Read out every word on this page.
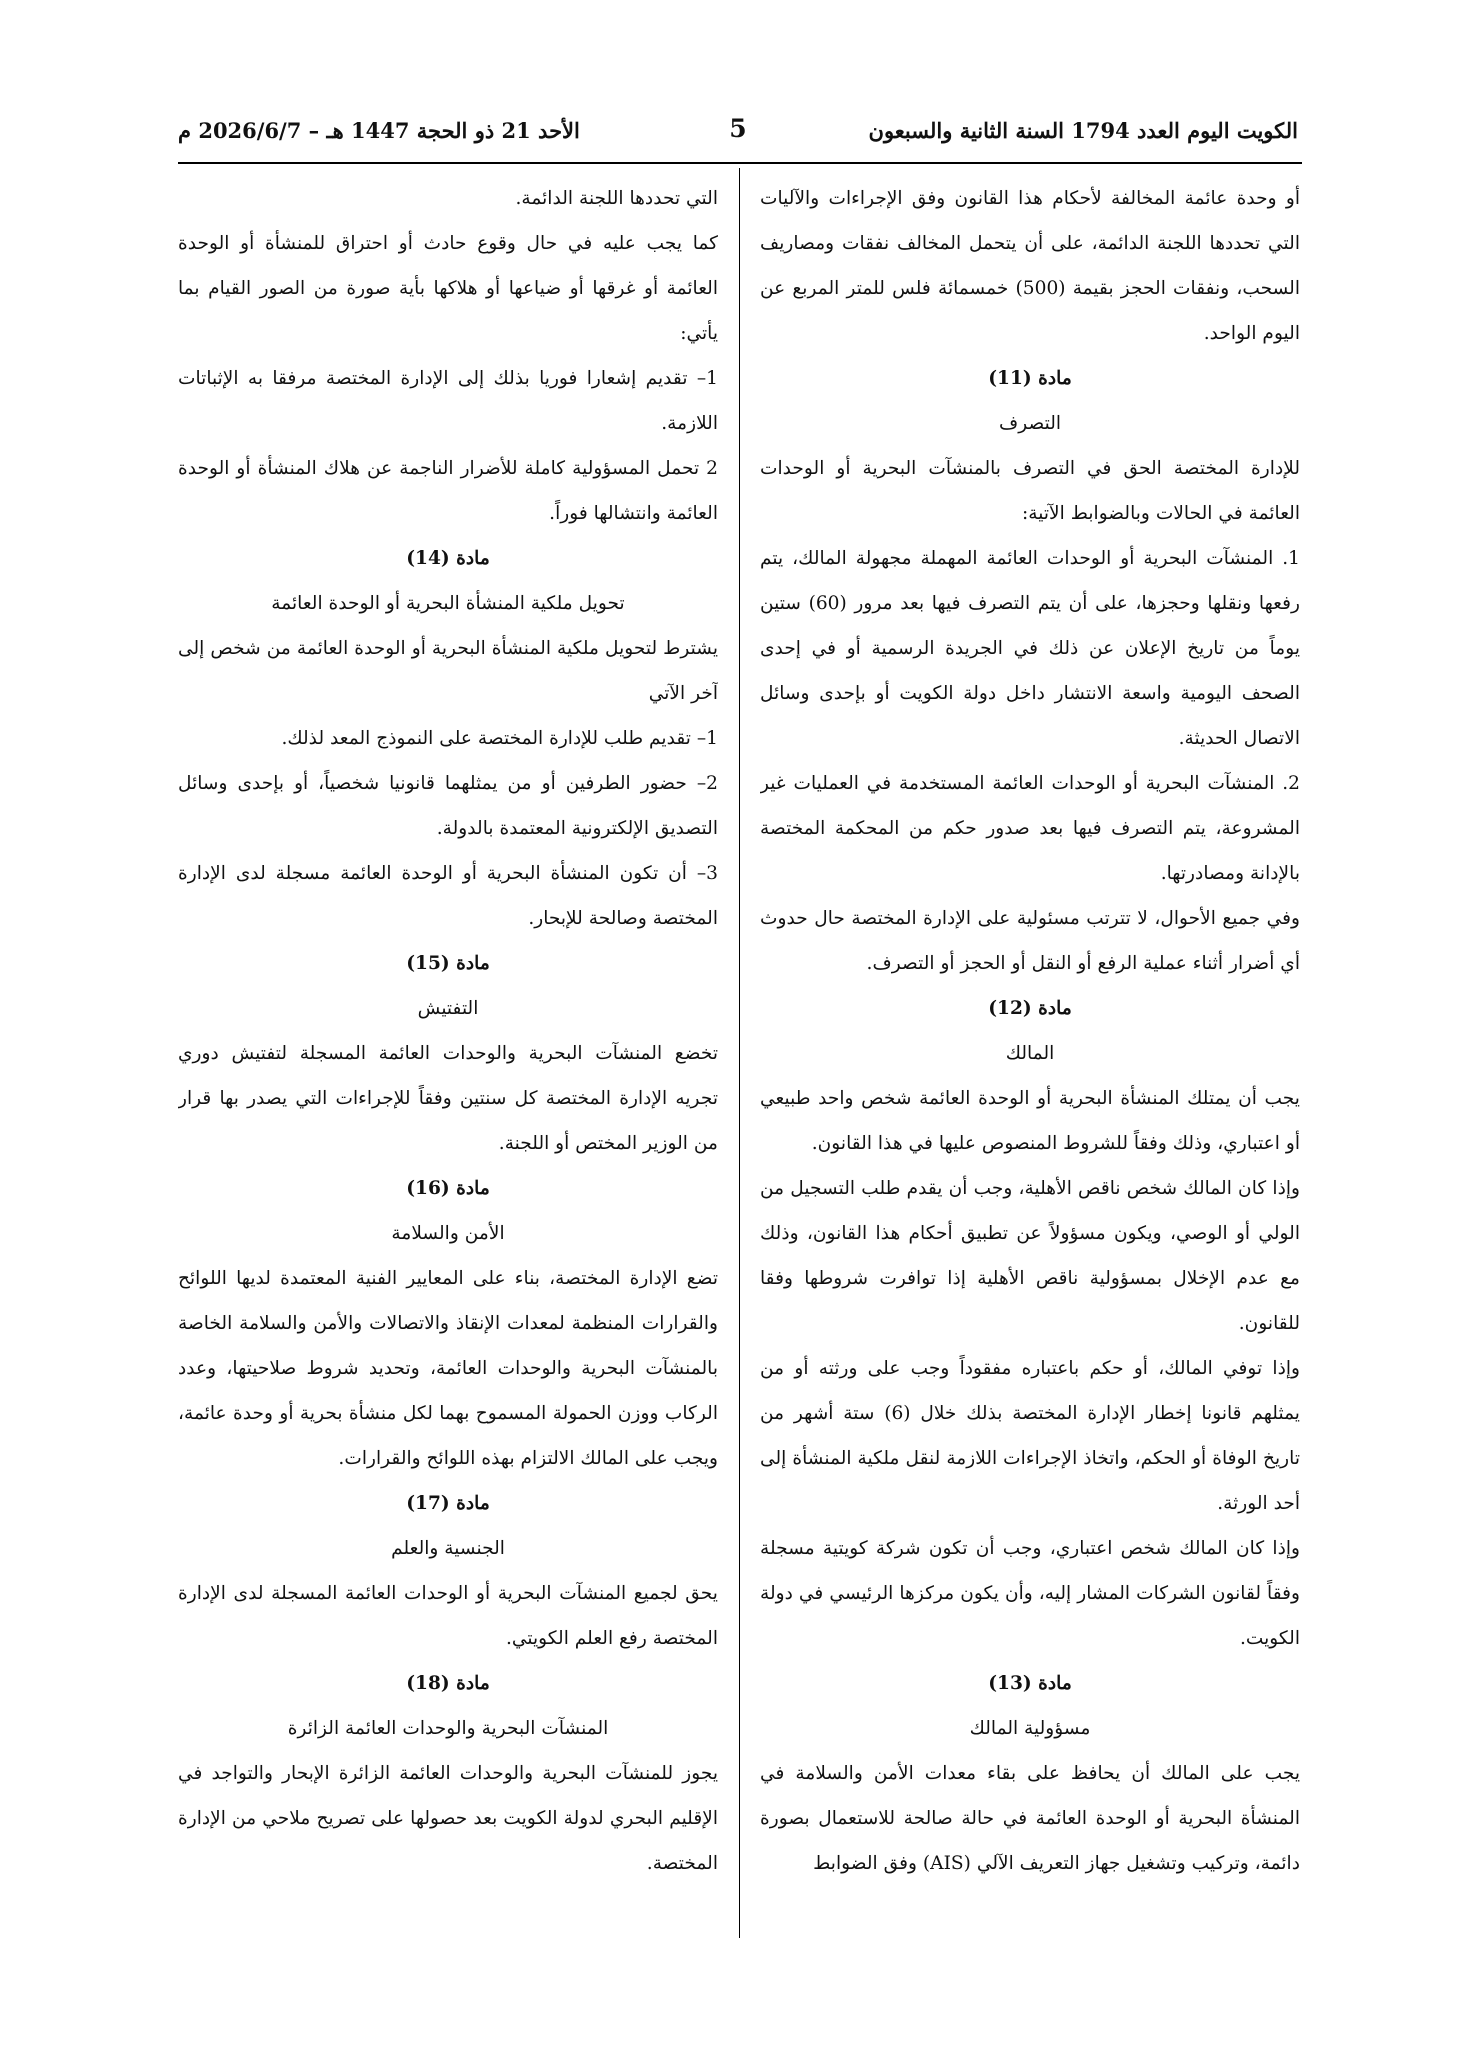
الكويت اليوم العدد 1794 السنة الثانية والسبعون
5
الأحد 21 ذو الحجة 1447 هـ – 2026/6/7 م

أو وحدة عائمة المخالفة لأحكام هذا القانون وفق الإجراءات والآليات التي تحددها اللجنة الدائمة، على أن يتحمل المخالف نفقات ومصاريف السحب، ونفقات الحجز بقيمة (500) خمسمائة فلس للمتر المربع عن اليوم الواحد.

مادة (11)

التصرف

للإدارة المختصة الحق في التصرف بالمنشآت البحرية أو الوحدات العائمة في الحالات وبالضوابط الآتية:

1. المنشآت البحرية أو الوحدات العائمة المهملة مجهولة المالك، يتم رفعها ونقلها وحجزها، على أن يتم التصرف فيها بعد مرور (60) ستين يوماً من تاريخ الإعلان عن ذلك في الجريدة الرسمية أو في إحدى الصحف اليومية واسعة الانتشار داخل دولة الكويت أو بإحدى وسائل الاتصال الحديثة.

2. المنشآت البحرية أو الوحدات العائمة المستخدمة في العمليات غير المشروعة، يتم التصرف فيها بعد صدور حكم من المحكمة المختصة بالإدانة ومصادرتها.

وفي جميع الأحوال، لا تترتب مسئولية على الإدارة المختصة حال حدوث أي أضرار أثناء عملية الرفع أو النقل أو الحجز أو التصرف.

مادة (12)

المالك

يجب أن يمتلك المنشأة البحرية أو الوحدة العائمة شخص واحد طبيعي أو اعتباري، وذلك وفقاً للشروط المنصوص عليها في هذا القانون.

وإذا كان المالك شخص ناقص الأهلية، وجب أن يقدم طلب التسجيل من الولي أو الوصي، ويكون مسؤولاً عن تطبيق أحكام هذا القانون، وذلك مع عدم الإخلال بمسؤولية ناقص الأهلية إذا توافرت شروطها وفقا للقانون.

وإذا توفي المالك، أو حكم باعتباره مفقوداً وجب على ورثته أو من يمثلهم قانونا إخطار الإدارة المختصة بذلك خلال (6) ستة أشهر من تاريخ الوفاة أو الحكم، واتخاذ الإجراءات اللازمة لنقل ملكية المنشأة إلى أحد الورثة.

وإذا كان المالك شخص اعتباري، وجب أن تكون شركة كويتية مسجلة وفقاً لقانون الشركات المشار إليه، وأن يكون مركزها الرئيسي في دولة الكويت.

مادة (13)

مسؤولية المالك

يجب على المالك أن يحافظ على بقاء معدات الأمن والسلامة في المنشأة البحرية أو الوحدة العائمة في حالة صالحة للاستعمال بصورة دائمة، وتركيب وتشغيل جهاز التعريف الآلي (AIS) وفق الضوابط

التي تحددها اللجنة الدائمة.

كما يجب عليه في حال وقوع حادث أو احتراق للمنشأة أو الوحدة العائمة أو غرقها أو ضياعها أو هلاكها بأية صورة من الصور القيام بما يأتي:

1– تقديم إشعارا فوريا بذلك إلى الإدارة المختصة مرفقا به الإثباتات اللازمة.

2 تحمل المسؤولية كاملة للأضرار الناجمة عن هلاك المنشأة أو الوحدة العائمة وانتشالها فوراً.

مادة (14)

تحويل ملكية المنشأة البحرية أو الوحدة العائمة

يشترط لتحويل ملكية المنشأة البحرية أو الوحدة العائمة من شخص إلى آخر الآتي

1– تقديم طلب للإدارة المختصة على النموذج المعد لذلك.

2– حضور الطرفين أو من يمثلهما قانونيا شخصياً، أو بإحدى وسائل التصديق الإلكترونية المعتمدة بالدولة.

3– أن تكون المنشأة البحرية أو الوحدة العائمة مسجلة لدى الإدارة المختصة وصالحة للإبحار.

مادة (15)

التفتيش

تخضع المنشآت البحرية والوحدات العائمة المسجلة لتفتيش دوري تجريه الإدارة المختصة كل سنتين وفقاً للإجراءات التي يصدر بها قرار من الوزير المختص أو اللجنة.

مادة (16)

الأمن والسلامة

تضع الإدارة المختصة، بناء على المعايير الفنية المعتمدة لديها اللوائح والقرارات المنظمة لمعدات الإنقاذ والاتصالات والأمن والسلامة الخاصة بالمنشآت البحرية والوحدات العائمة، وتحديد شروط صلاحيتها، وعدد الركاب ووزن الحمولة المسموح بهما لكل منشأة بحرية أو وحدة عائمة، ويجب على المالك الالتزام بهذه اللوائح والقرارات.

مادة (17)

الجنسية والعلم

يحق لجميع المنشآت البحرية أو الوحدات العائمة المسجلة لدى الإدارة المختصة رفع العلم الكويتي.

مادة (18)

المنشآت البحرية والوحدات العائمة الزائرة

يجوز للمنشآت البحرية والوحدات العائمة الزائرة الإبحار والتواجد في الإقليم البحري لدولة الكويت بعد حصولها على تصريح ملاحي من الإدارة المختصة.
